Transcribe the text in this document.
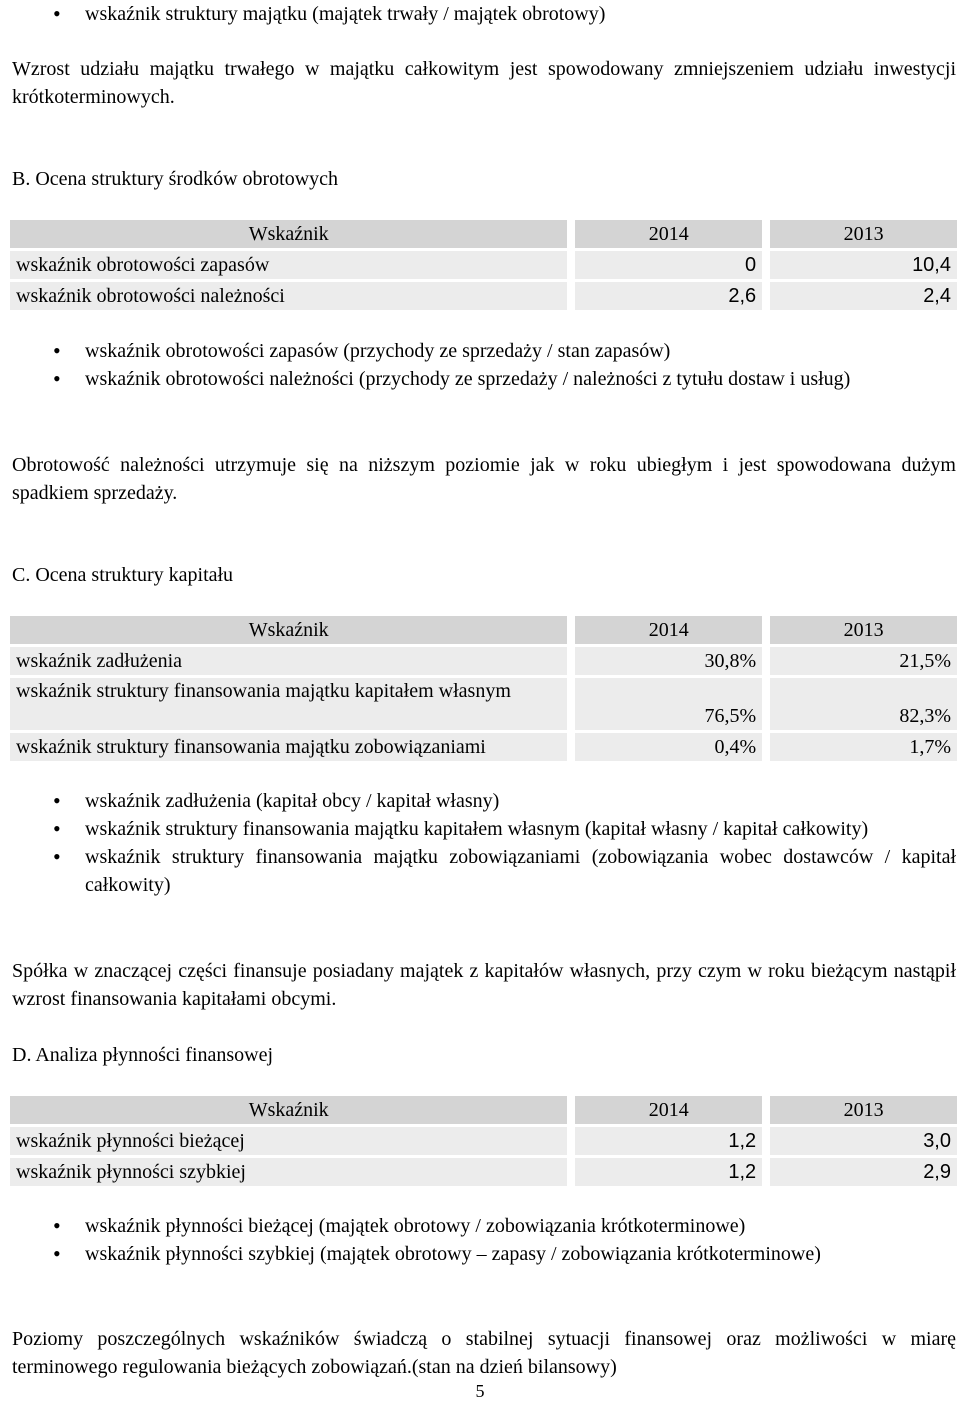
• wskaźnik struktury majątku (majątek trwały / majątek obrotowy)

Wzrost udziału majątku trwałego w majątku całkowitym jest spowodowany zmniejszeniem udziału inwestycji krótkoterminowych.

B. Ocena struktury środków obrotowych
Wskaźnik		2014		2013
wskaźnik obrotowości zapasów		0		10,4
wskaźnik obrotowości należności		2,6		2,4
• wskaźnik obrotowości zapasów (przychody ze sprzedaży / stan zapasów)
• wskaźnik obrotowości należności (przychody ze sprzedaży / należności z tytułu dostaw i usług)

Obrotowość należności utrzymuje się na niższym poziomie jak w roku ubiegłym i jest spowodowana dużym spadkiem sprzedaży.

C. Ocena struktury kapitału
Wskaźnik		2014		2013
wskaźnik zadłużenia		30,8%		21,5%
wskaźnik struktury finansowania majątku kapitałem własnym		76,5%		82,3%
wskaźnik struktury finansowania majątku zobowiązaniami		0,4%		1,7%
• wskaźnik zadłużenia (kapitał obcy / kapitał własny)
• wskaźnik struktury finansowania majątku kapitałem własnym (kapitał własny / kapitał całkowity)
• wskaźnik struktury finansowania majątku zobowiązaniami (zobowiązania wobec dostawców / kapitał całkowity)

Spółka w znaczącej części finansuje posiadany majątek z kapitałów własnych, przy czym w roku bieżącym nastąpił wzrost finansowania kapitałami obcymi.

D. Analiza płynności finansowej
Wskaźnik		2014		2013
wskaźnik płynności bieżącej		1,2		3,0
wskaźnik płynności szybkiej		1,2		2,9
• wskaźnik płynności bieżącej (majątek obrotowy / zobowiązania krótkoterminowe)
• wskaźnik płynności szybkiej (majątek obrotowy – zapasy / zobowiązania krótkoterminowe)

Poziomy poszczególnych wskaźników świadczą o stabilnej sytuacji finansowej oraz możliwości w miarę terminowego regulowania bieżących zobowiązań.(stan na dzień bilansowy)

5
